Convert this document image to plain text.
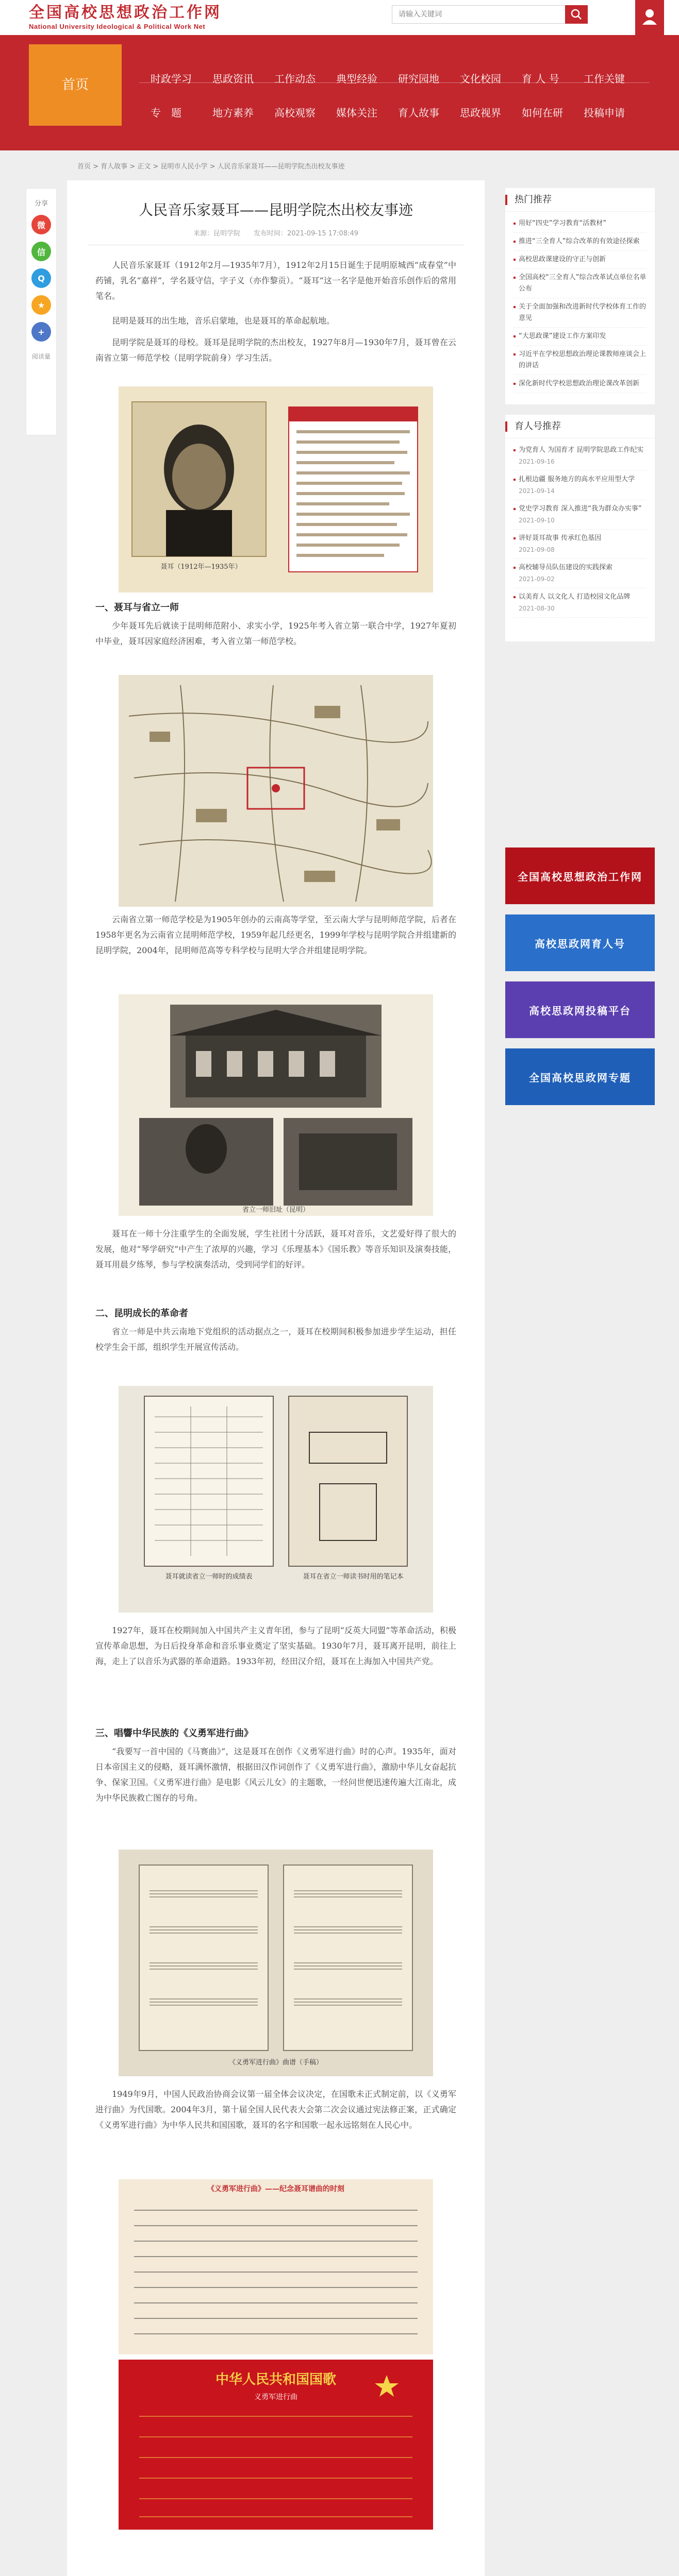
全国高校思想政治工作网
National University Ideological & Political Work Net
请输入关键词
首页	时政学习 思政资讯 工作动态 典型经验 研究园地 文化校园 育 人 号 工作关键
专　题	地方素养 高校观察 媒体关注 育人故事 思政视界 如何在研 投稿申请
首页 > 育人故事 > 正文 > 昆明市人民小学 > 人民音乐家聂耳——昆明学院杰出校友事迹
分享
微
信
Q
★
+
阅读量
人民音乐家聂耳——昆明学院杰出校友事迹
来源：昆明学院　　发布时间：2021-09-15 17:08:49

人民音乐家聂耳（1912年2月—1935年7月），1912年2月15日诞生于昆明原城西“成春堂”中药铺，乳名“嘉祥”，学名聂守信，字子义（亦作黎贡）。“聂耳”这一名字是他开始音乐创作后的常用笔名。

昆明是聂耳的出生地，音乐启蒙地，也是聂耳的革命起航地。

昆明学院是聂耳的母校。聂耳是昆明学院的杰出校友，1927年8月—1930年7月，聂耳曾在云南省立第一师范学校（昆明学院前身）学习生活。

聂耳（1912年—1935年）

一、聂耳与省立一师

少年聂耳先后就读于昆明师范附小、求实小学，1925年考入省立第一联合中学，1927年夏初中毕业，聂耳因家庭经济困难，考入省立第一师范学校。

云南省立第一师范学校是为1905年创办的云南高等学堂，至云南大学与昆明师范学院，后者在1958年更名为云南省立昆明师范学校，1959年起几经更名，1999年学校与昆明学院合并组建新的昆明学院，2004年，昆明师范高等专科学校与昆明大学合并组建昆明学院。

省立一师旧址（昆明）

聂耳在一师十分注重学生的全面发展，学生社团十分活跃，聂耳对音乐，文艺爱好得了很大的发展，他对“琴学研究”中产生了浓厚的兴趣，学习《乐理基本》《国乐教》等音乐知识及演奏技能，聂耳用晨夕练琴，参与学校演奏活动，受到同学们的好评。

二、昆明成长的革命者

省立一师是中共云南地下党组织的活动据点之一，聂耳在校期间积极参加进步学生运动，担任校学生会干部，组织学生开展宣传活动。

聂耳就读省立一师时的成绩表	聂耳在省立一师读书时用的笔记本

1927年，聂耳在校期间加入中国共产主义青年团，参与了昆明“反英大同盟”等革命活动，积极宣传革命思想，为日后投身革命和音乐事业奠定了坚实基础。1930年7月，聂耳离开昆明，前往上海，走上了以音乐为武器的革命道路。1933年初，经田汉介绍，聂耳在上海加入中国共产党。

三、唱響中华民族的《义勇军进行曲》

“我要写一首中国的《马赛曲》”，这是聂耳在创作《义勇军进行曲》时的心声。1935年，面对日本帝国主义的侵略，聂耳满怀激情，根据田汉作词创作了《义勇军进行曲》，激励中华儿女奋起抗争、保家卫国。《义勇军进行曲》是电影《风云儿女》的主题歌，一经问世便迅速传遍大江南北，成为中华民族救亡图存的号角。

《义勇军进行曲》曲谱（手稿）

1949年9月，中国人民政治协商会议第一届全体会议决定，在国歌未正式制定前，以《义勇军进行曲》为代国歌。2004年3月，第十届全国人民代表大会第二次会议通过宪法修正案，正式确定《义勇军进行曲》为中华人民共和国国歌，聂耳的名字和国歌一起永远铭刻在人民心中。

《义勇军进行曲》——纪念聂耳谱曲的时刻
中华人民共和国国歌
义勇军进行曲
热门推荐
用好“四史”学习教育“活教材”
推进“三全育人”综合改革的有效途径探索
高校思政课建设的守正与创新
全国高校“三全育人”综合改革试点单位名单公布
关于全面加强和改进新时代学校体育工作的意见
“大思政课”建设工作方案印发
习近平在学校思想政治理论课教师座谈会上的讲话
深化新时代学校思想政治理论课改革创新
育人号推荐
为党育人 为国育才 昆明学院思政工作纪实
2021-09-16
扎根边疆 服务地方的高水平应用型大学
2021-09-14
党史学习教育 深入推进“我为群众办实事”
2021-09-10
讲好聂耳故事 传承红色基因
2021-09-08
高校辅导员队伍建设的实践探索
2021-09-02
以美育人 以文化人 打造校园文化品牌
2021-08-30
全国高校思想政治工作网
高校思政网育人号
高校思政网投稿平台
全国高校思政网专题
